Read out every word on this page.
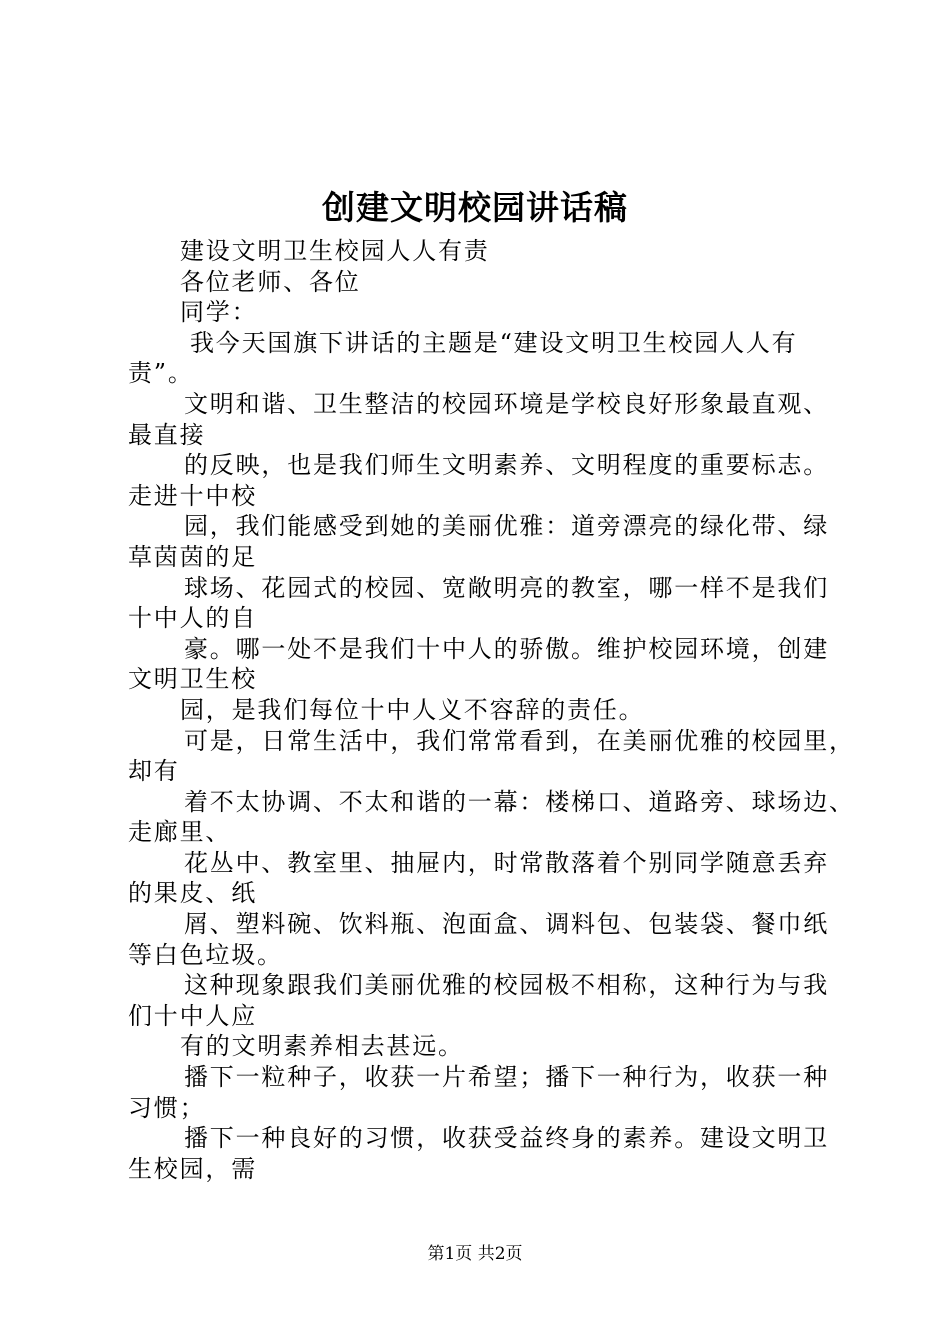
创建文明校园讲话稿
建设文明卫生校园人人有责
各位老师、各位
同学：
我今天国旗下讲话的主题是“建设文明卫生校园人人有
责”。
文明和谐、卫生整洁的校园环境是学校良好形象最直观、
最直接
的反映，也是我们师生文明素养、文明程度的重要标志。
走进十中校
园，我们能感受到她的美丽优雅：道旁漂亮的绿化带、绿
草茵茵的足
球场、花园式的校园、宽敞明亮的教室，哪一样不是我们
十中人的自
豪。哪一处不是我们十中人的骄傲。维护校园环境，创建
文明卫生校
园，是我们每位十中人义不容辞的责任。
可是，日常生活中，我们常常看到，在美丽优雅的校园里，
却有
着不太协调、不太和谐的一幕：楼梯口、道路旁、球场边、
走廊里、
花丛中、教室里、抽屉内，时常散落着个别同学随意丢弃
的果皮、纸
屑、塑料碗、饮料瓶、泡面盒、调料包、包装袋、餐巾纸
等白色垃圾。
这种现象跟我们美丽优雅的校园极不相称，这种行为与我
们十中人应
有的文明素养相去甚远。
播下一粒种子，收获一片希望；播下一种行为，收获一种
习惯；
播下一种良好的习惯，收获受益终身的素养。建设文明卫
生校园，需
第1页 共2页
